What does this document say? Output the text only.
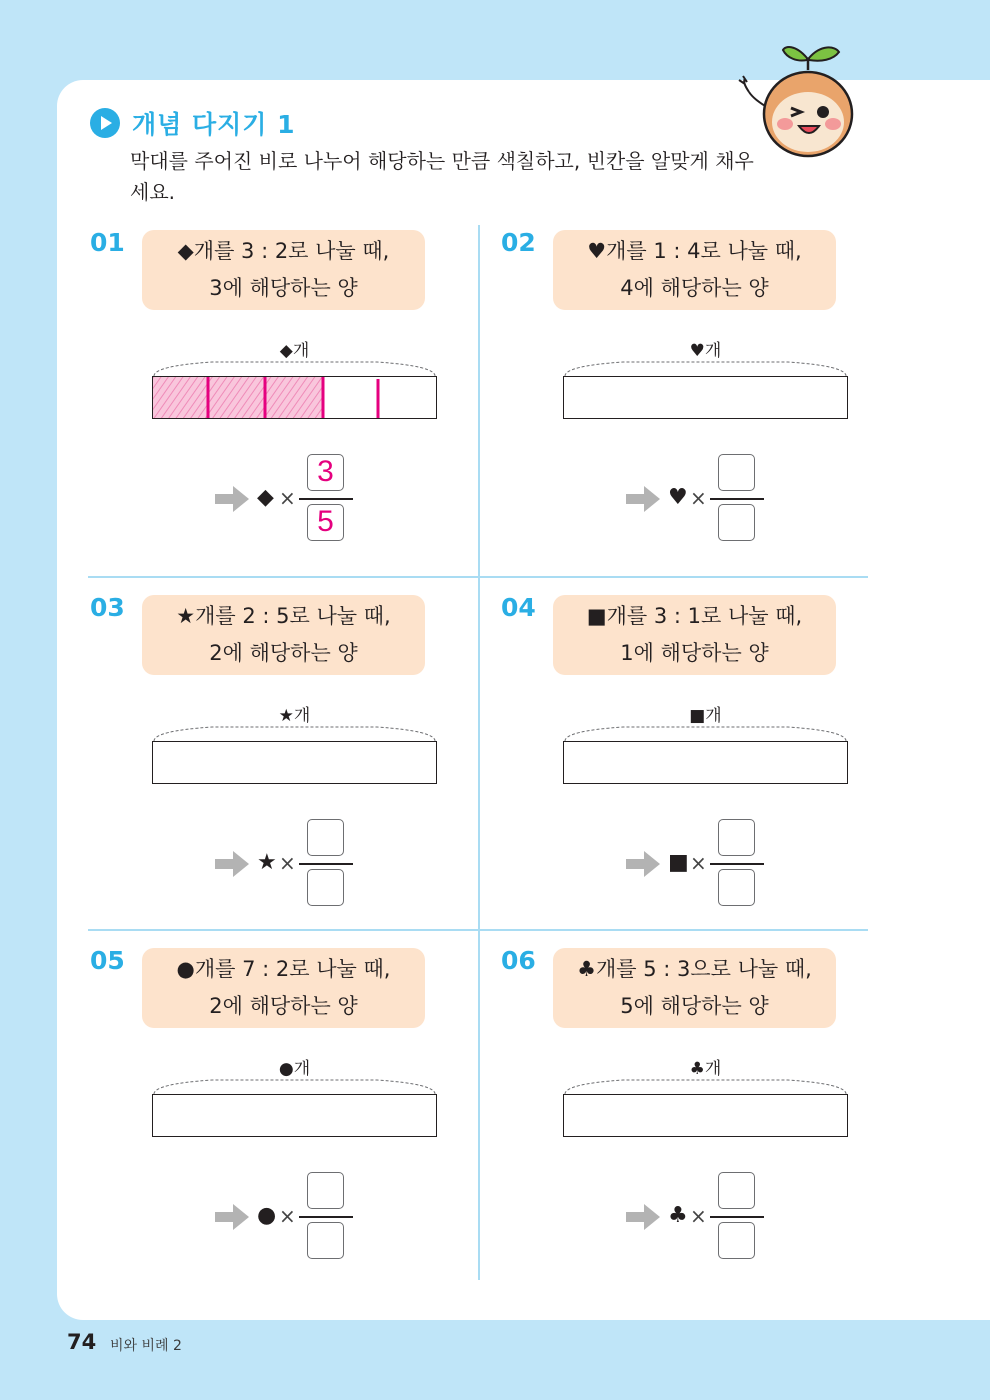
개념 다지기 1
막대를 주어진 비로 나누어 해당하는 만큼 색칠하고, 빈칸을 알맞게 채우세요.
01	◆개를 3 : 2로 나눌 때,
3에 해당하는 양
◆개
◆ ×
3
5
02	♥개를 1 : 4로 나눌 때,
4에 해당하는 양
♥개
♥ ×
03	★개를 2 : 5로 나눌 때,
2에 해당하는 양
★개
★ ×
04	■개를 3 : 1로 나눌 때,
1에 해당하는 양
■개
■ ×
05	●개를 7 : 2로 나눌 때,
2에 해당하는 양
●개
● ×
06	♣개를 5 : 3으로 나눌 때,
5에 해당하는 양
♣개
♣ ×
74 비와 비례 2
